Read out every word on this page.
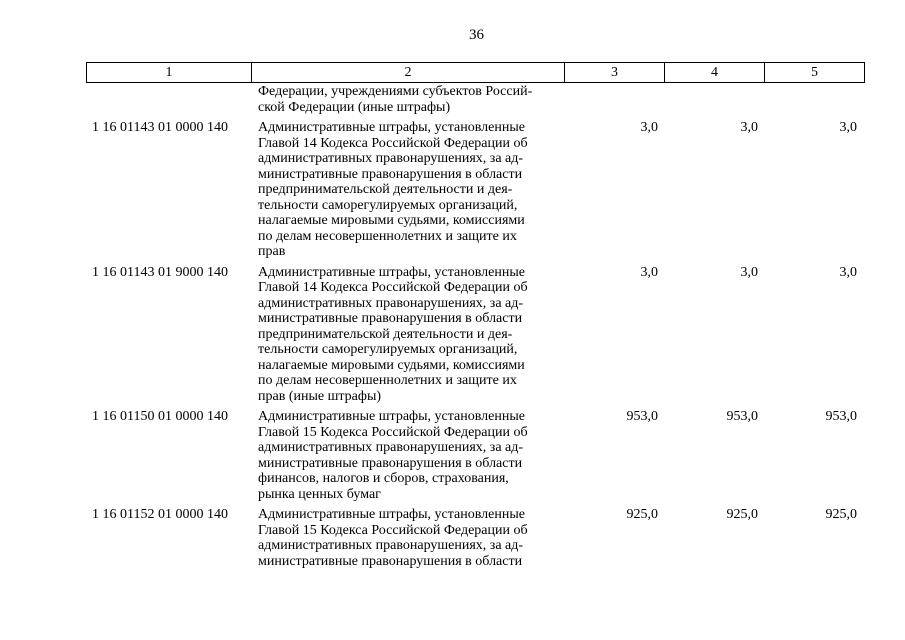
36
1	2	3	4	5
Федерации, учреждениями субъектов Россий-
ской Федерации (иные штрафы)
1 16 01143 01 0000 140	Административные штрафы, установленные
Главой 14 Кодекса Российской Федерации об
административных правонарушениях, за ад-
министративные правонарушения в области
предпринимательской деятельности и дея-
тельности саморегулируемых организаций,
налагаемые мировыми судьями, комиссиями
по делам несовершеннолетних и защите их
прав
3,0	3,0	3,0
1 16 01143 01 9000 140	Административные штрафы, установленные
Главой 14 Кодекса Российской Федерации об
административных правонарушениях, за ад-
министративные правонарушения в области
предпринимательской деятельности и дея-
тельности саморегулируемых организаций,
налагаемые мировыми судьями, комиссиями
по делам несовершеннолетних и защите их
прав (иные штрафы)
3,0	3,0	3,0
1 16 01150 01 0000 140	Административные штрафы, установленные
Главой 15 Кодекса Российской Федерации об
административных правонарушениях, за ад-
министративные правонарушения в области
финансов, налогов и сборов, страхования,
рынка ценных бумаг
953,0	953,0	953,0
1 16 01152 01 0000 140	Административные штрафы, установленные
Главой 15 Кодекса Российской Федерации об
административных правонарушениях, за ад-
министративные правонарушения в области
925,0	925,0	925,0
